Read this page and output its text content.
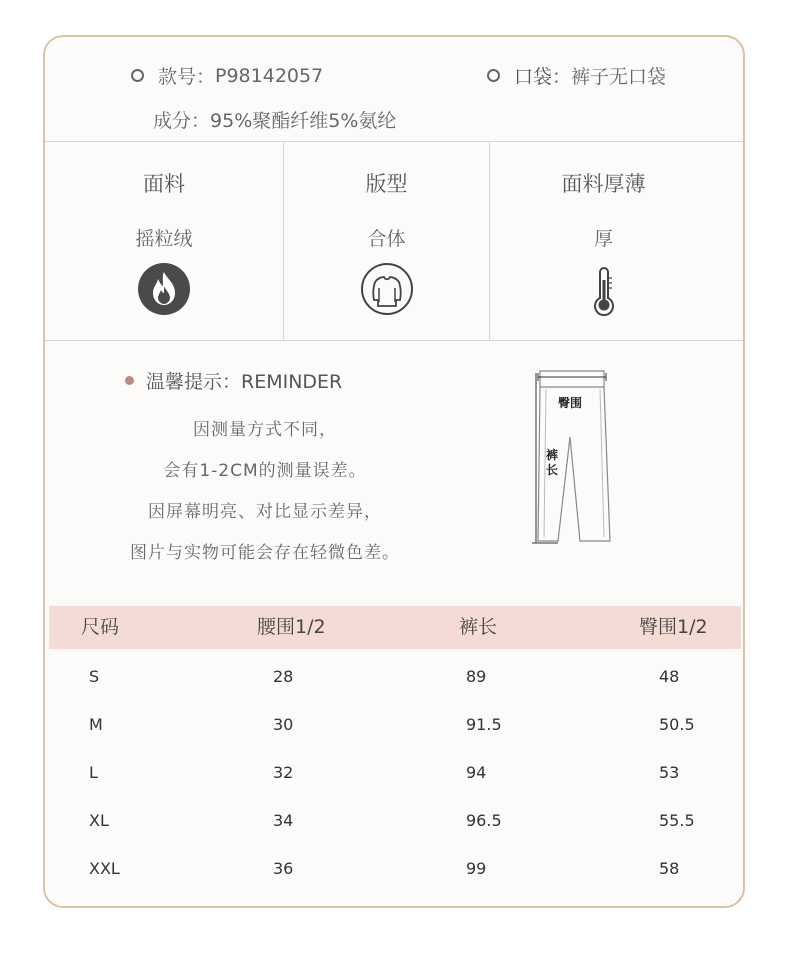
款号： P98142057	口袋： 裤子无口袋
成分： 95%聚酯纤维5%氨纶
面料
摇粒绒
版型
合体
面料厚薄
厚
温馨提示：REMINDER
因测量方式不同，
会有1-2CM的测量误差。
因屏幕明亮、对比显示差异，
图片与实物可能会存在轻微色差。
臀围
裤
长
尺码	腰围1/2	裤长	臀围1/2
S	28	89	48
M	30	91.5	50.5
L	32	94	53
XL	34	96.5	55.5
XXL	36	99	58
